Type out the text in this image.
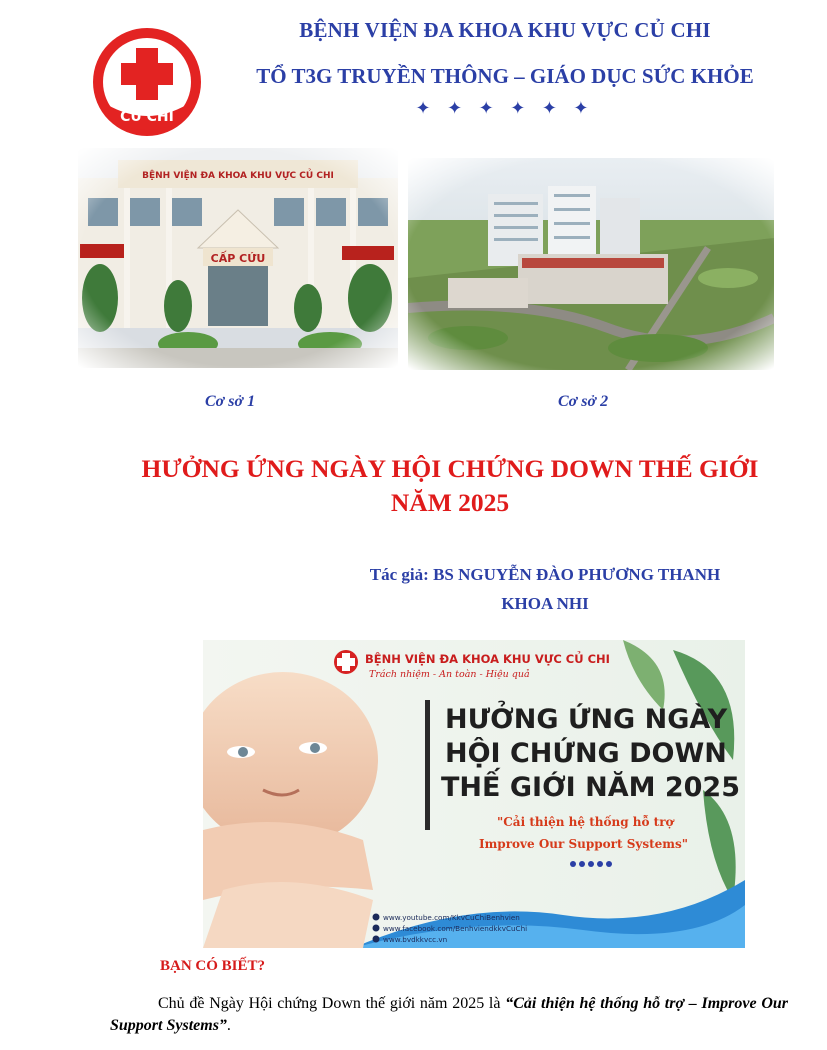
CỦ CHI
BỆNH VIỆN ĐA KHOA KHU VỰC CỦ CHI
TỔ T3G TRUYỀN THÔNG – GIÁO DỤC SỨC KHỎE
✦ ✦ ✦ ✦ ✦ ✦
Cơ sở 1	Cơ sở 2
HƯỞNG ỨNG NGÀY HỘI CHỨNG DOWN THẾ GIỚI
NĂM 2025
Tác giả: BS NGUYỄN ĐÀO PHƯƠNG THANH
KHOA NHI
BỆNH VIỆN ĐA KHOA KHU VỰC CỦ CHI
Trách nhiệm - An toàn - Hiệu quả
HƯỞNG ỨNG NGÀY
HỘI CHỨNG DOWN
THẾ GIỚI NĂM 2025
"Cải thiện hệ thống hỗ trợ
Improve Our Support Systems"
www.youtube.com/KkvCuChiBenhvien
www.facebook.com/BenhviendkkvCuChi
www.bvdkkvcc.vn
BẠN CÓ BIẾT?
Chủ đề Ngày Hội chứng Down thế giới năm 2025 là “Cải thiện hệ thống hỗ trợ – Improve Our Support Systems”.
